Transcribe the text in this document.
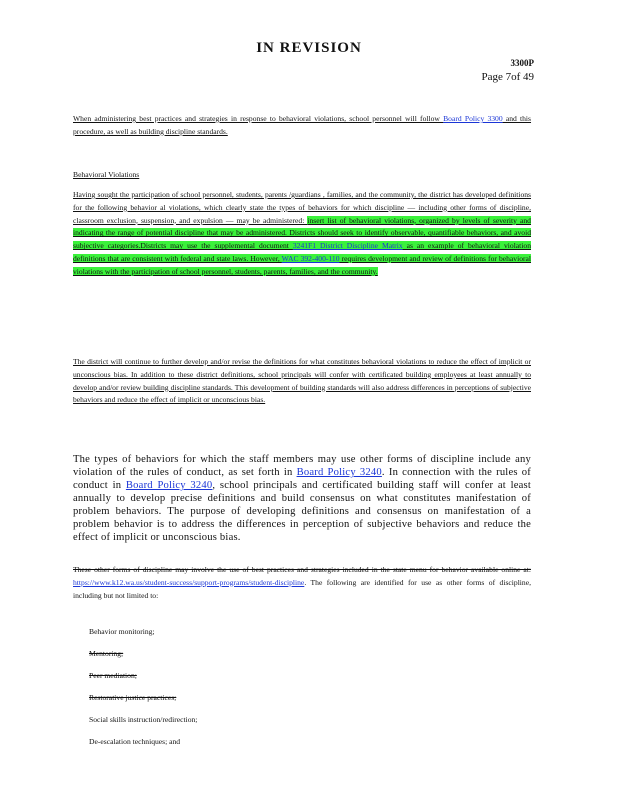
IN REVISION
3300P
Page 7of 49
When administering best practices and strategies in response to behavioral violations, school personnel will follow Board Policy 3300 and this procedure, as well as building discipline standards.
Behavioral Violations
Having sought the participation of school personnel, students, parents /guardians , families, and the community, the district has developed definitions for the following behavior al violations, which clearly state the types of behaviors for which discipline — including other forms of discipline, classroom exclusion, suspension, and expulsion — may be administered: insert list of behavioral violations, organized by levels of severity and indicating the range of potential discipline that may be administered. Districts should seek to identify observable, quantifiable behaviors, and avoid subjective categories.Districts may use the supplemental document 3241F1 District Discipline Matrix as an example of behavioral violation definitions that are consistent with federal and state laws. However, WAC 392-400-110 requires development and review of definitions for behavioral violations with the participation of school personnel, students, parents, families, and the community.
The district will continue to further develop and/or revise the definitions for what constitutes behavioral violations to reduce the effect of implicit or unconscious bias. In addition to these district definitions, school principals will confer with certificated building employees at least annually to develop and/or review building discipline standards. This development of building standards will also address differences in perceptions of subjective behaviors and reduce the effect of implicit or unconscious bias.
The types of behaviors for which the staff members may use other forms of discipline include any violation of the rules of conduct, as set forth in Board Policy 3240. In connection with the rules of conduct in Board Policy 3240, school principals and certificated building staff will confer at least annually to develop precise definitions and build consensus on what constitutes manifestation of problem behaviors. The purpose of developing definitions and consensus on manifestation of a problem behavior is to address the differences in perception of subjective behaviors and reduce the effect of implicit or unconscious bias.
These other forms of discipline may involve the use of best practices and strategies included in the state menu for behavior available online at: https://www.k12.wa.us/student-success/support-programs/student-discipline. The following are identified for use as other forms of discipline, including but not limited to:
Behavior monitoring;
Mentoring;
Peer mediation;
Restorative justice practices;
Social skills instruction/redirection;
De-escalation techniques; and
